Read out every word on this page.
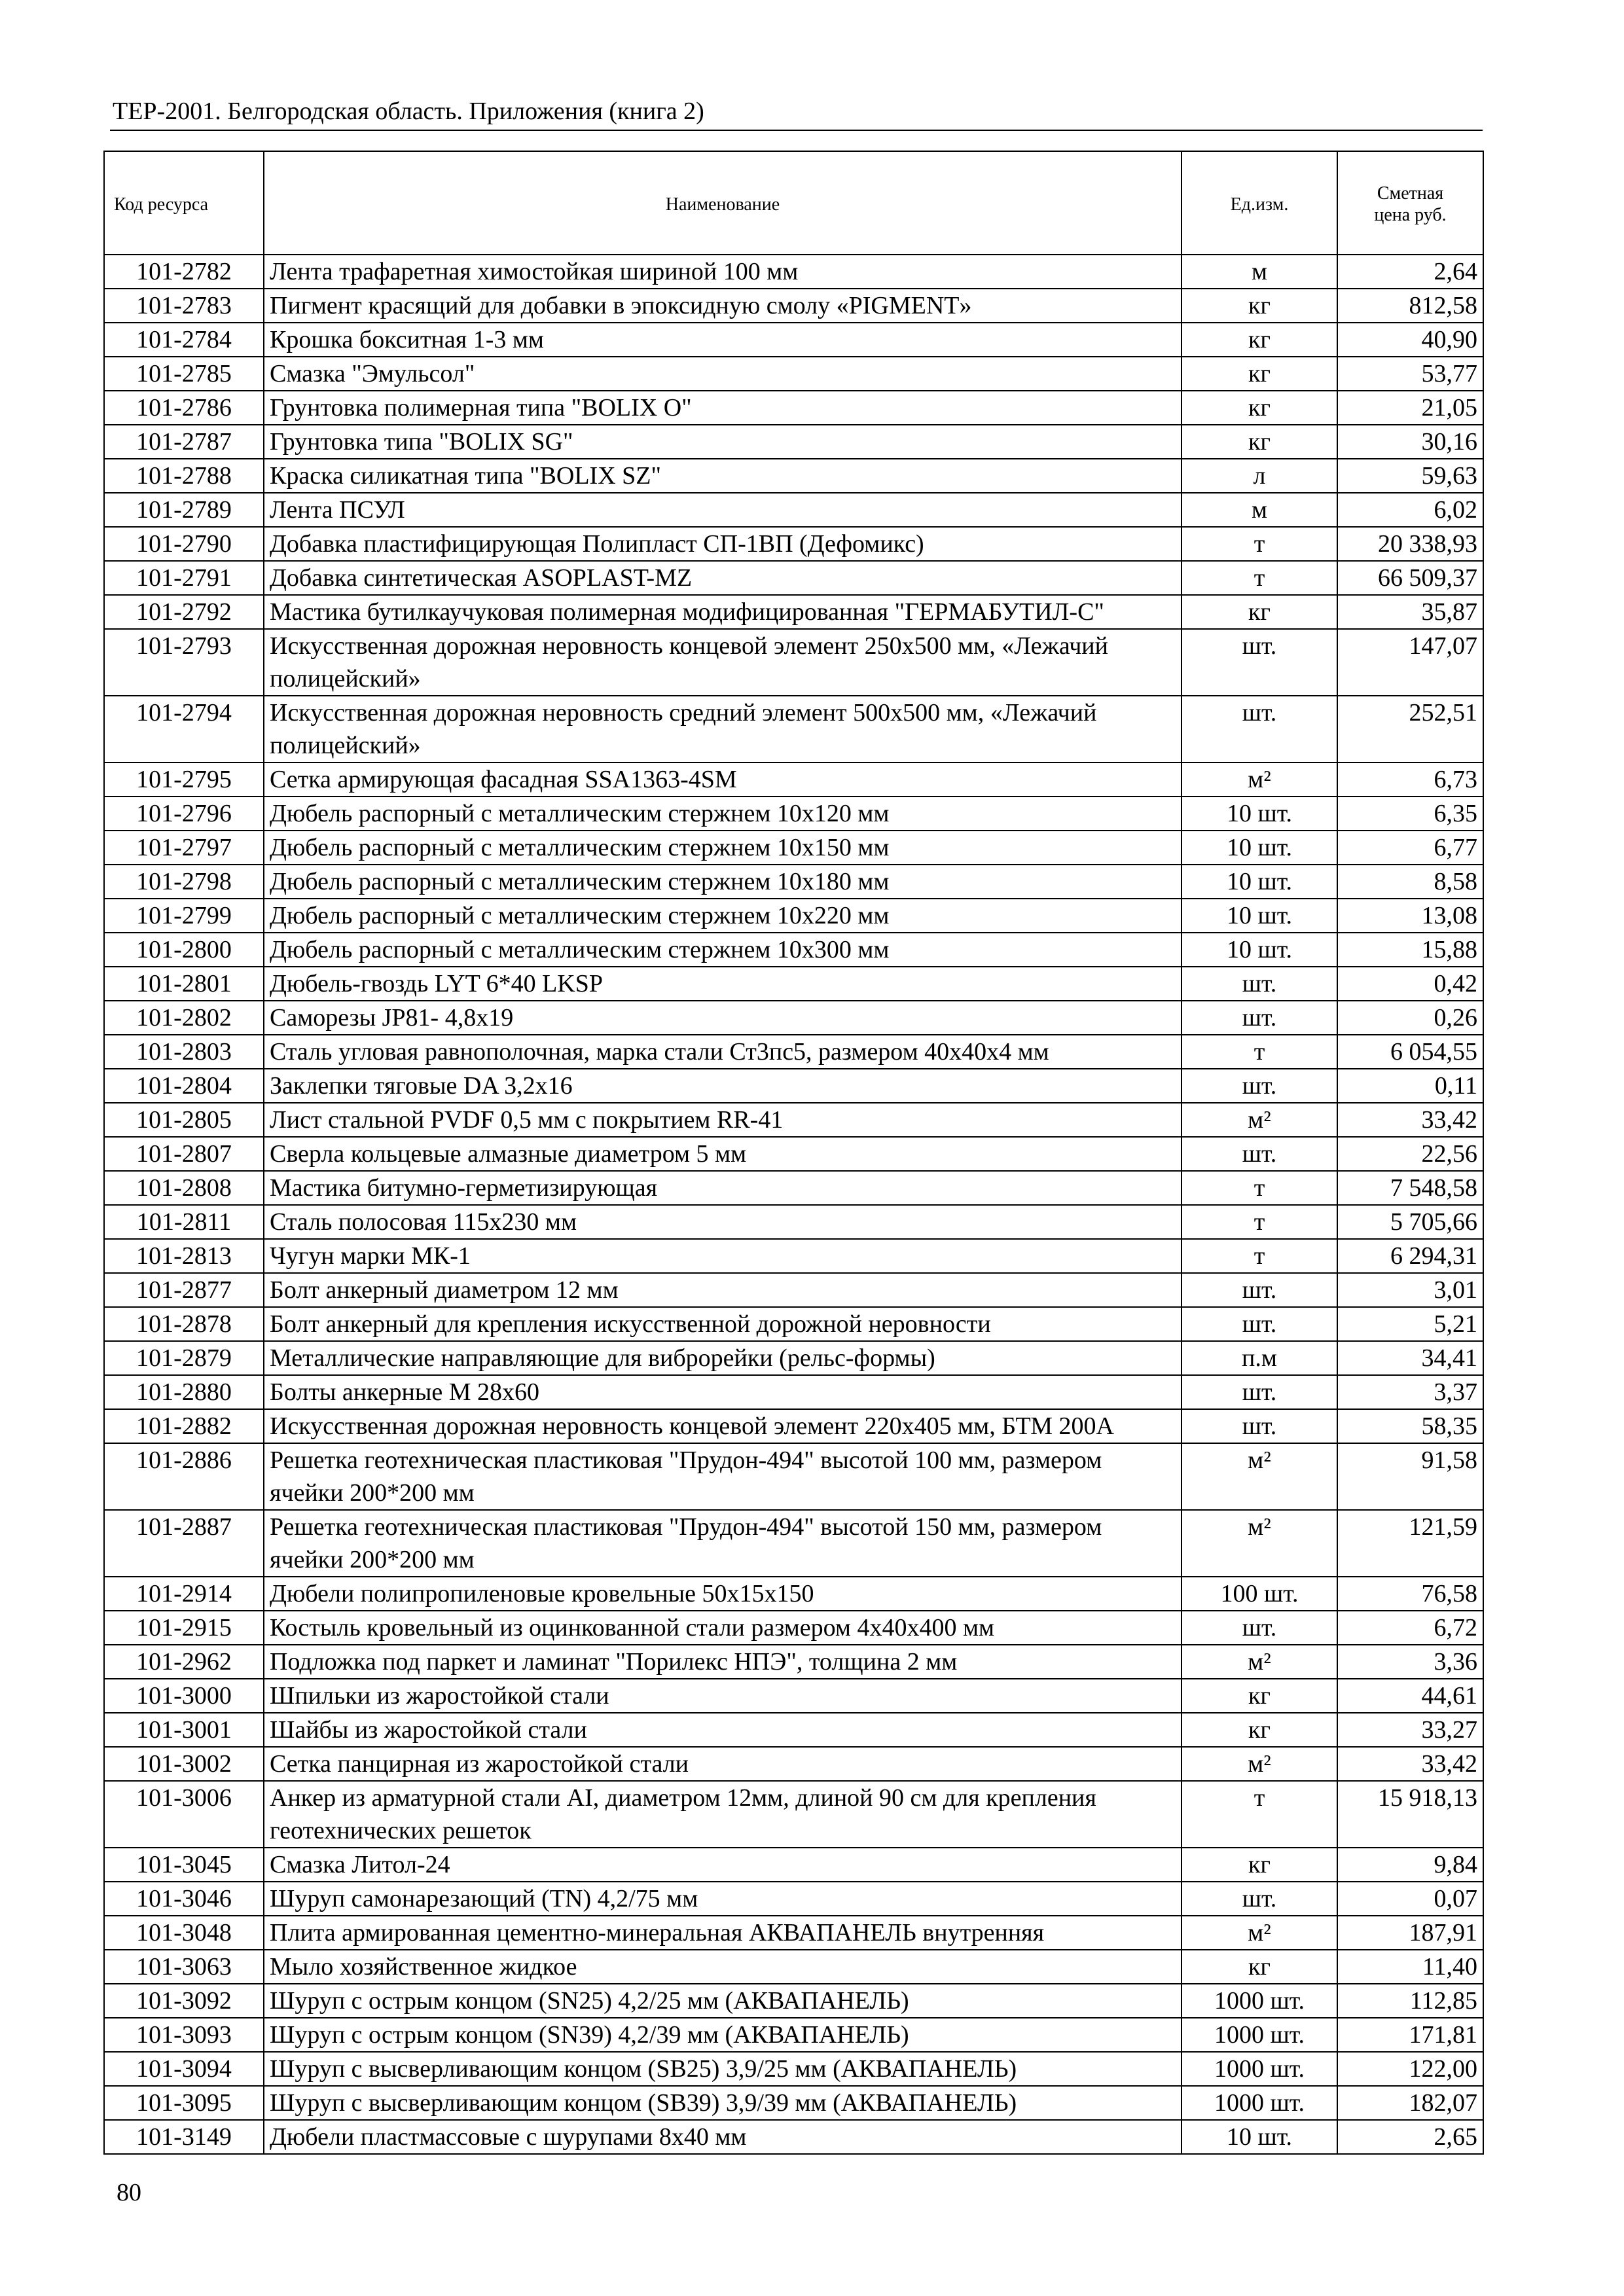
ТЕР-2001. Белгородская область. Приложения (книга 2)
Код ресурса	Наименование	Ед.изм.	Сметная цена руб.
101-2782	Лента трафаретная химостойкая шириной 100 мм	м	2,64
101-2783	Пигмент красящий для добавки в эпоксидную смолу «PIGMENT»	кг	812,58
101-2784	Крошка бокситная 1-3 мм	кг	40,90
101-2785	Смазка "Эмульсол"	кг	53,77
101-2786	Грунтовка полимерная типа "BOLIX O"	кг	21,05
101-2787	Грунтовка типа "BOLIX SG"	кг	30,16
101-2788	Краска силикатная типа "BOLIX SZ"	л	59,63
101-2789	Лента ПСУЛ	м	6,02
101-2790	Добавка пластифицирующая Полипласт СП-1ВП (Дефомикс)	т	20 338,93
101-2791	Добавка синтетическая ASOPLAST-MZ	т	66 509,37
101-2792	Мастика бутилкаучуковая полимерная модифицированная "ГЕРМАБУТИЛ-С"	кг	35,87
101-2793	Искусственная дорожная неровность концевой элемент 250х500 мм, «Лежачий полицейский»	шт.	147,07
101-2794	Искусственная дорожная неровность средний элемент 500х500 мм, «Лежачий полицейский»	шт.	252,51
101-2795	Сетка армирующая фасадная SSA1363-4SM	м²	6,73
101-2796	Дюбель распорный с металлическим стержнем 10х120 мм	10 шт.	6,35
101-2797	Дюбель распорный с металлическим стержнем 10х150 мм	10 шт.	6,77
101-2798	Дюбель распорный с металлическим стержнем 10х180 мм	10 шт.	8,58
101-2799	Дюбель распорный с металлическим стержнем 10х220 мм	10 шт.	13,08
101-2800	Дюбель распорный с металлическим стержнем 10х300 мм	10 шт.	15,88
101-2801	Дюбель-гвоздь LYT 6*40 LKSP	шт.	0,42
101-2802	Саморезы JP81- 4,8х19	шт.	0,26
101-2803	Сталь угловая равнополочная, марка стали Ст3пс5, размером 40х40х4 мм	т	6 054,55
101-2804	Заклепки тяговые DA 3,2х16	шт.	0,11
101-2805	Лист стальной PVDF 0,5 мм с покрытием RR-41	м²	33,42
101-2807	Сверла кольцевые алмазные диаметром 5 мм	шт.	22,56
101-2808	Мастика битумно-герметизирующая	т	7 548,58
101-2811	Сталь полосовая 115х230 мм	т	5 705,66
101-2813	Чугун марки МК-1	т	6 294,31
101-2877	Болт анкерный диаметром 12 мм	шт.	3,01
101-2878	Болт анкерный для крепления искусственной дорожной неровности	шт.	5,21
101-2879	Металлические направляющие для виброрейки (рельс-формы)	п.м	34,41
101-2880	Болты анкерные М 28х60	шт.	3,37
101-2882	Искусственная дорожная неровность концевой элемент 220х405 мм, БТМ 200А	шт.	58,35
101-2886	Решетка геотехническая пластиковая "Прудон-494" высотой 100 мм, размером ячейки 200*200 мм	м²	91,58
101-2887	Решетка геотехническая пластиковая "Прудон-494" высотой 150 мм, размером ячейки 200*200 мм	м²	121,59
101-2914	Дюбели полипропиленовые кровельные 50х15х150	100 шт.	76,58
101-2915	Костыль кровельный из оцинкованной стали размером 4х40х400 мм	шт.	6,72
101-2962	Подложка под паркет и ламинат "Порилекс НПЭ", толщина 2 мм	м²	3,36
101-3000	Шпильки из жаростойкой стали	кг	44,61
101-3001	Шайбы из жаростойкой стали	кг	33,27
101-3002	Сетка панцирная из жаростойкой стали	м²	33,42
101-3006	Анкер из арматурной стали АI, диаметром 12мм, длиной 90 см для крепления геотехнических решеток	т	15 918,13
101-3045	Смазка Литол-24	кг	9,84
101-3046	Шуруп самонарезающий (TN) 4,2/75 мм	шт.	0,07
101-3048	Плита армированная цементно-минеральная АКВАПАНЕЛЬ внутренняя	м²	187,91
101-3063	Мыло хозяйственное жидкое	кг	11,40
101-3092	Шуруп с острым концом (SN25) 4,2/25 мм (АКВАПАНЕЛЬ)	1000 шт.	112,85
101-3093	Шуруп с острым концом (SN39) 4,2/39 мм (АКВАПАНЕЛЬ)	1000 шт.	171,81
101-3094	Шуруп с высверливающим концом (SB25) 3,9/25 мм (АКВАПАНЕЛЬ)	1000 шт.	122,00
101-3095	Шуруп с высверливающим концом (SB39) 3,9/39 мм (АКВАПАНЕЛЬ)	1000 шт.	182,07
101-3149	Дюбели пластмассовые с шурупами 8х40 мм	10 шт.	2,65
80
